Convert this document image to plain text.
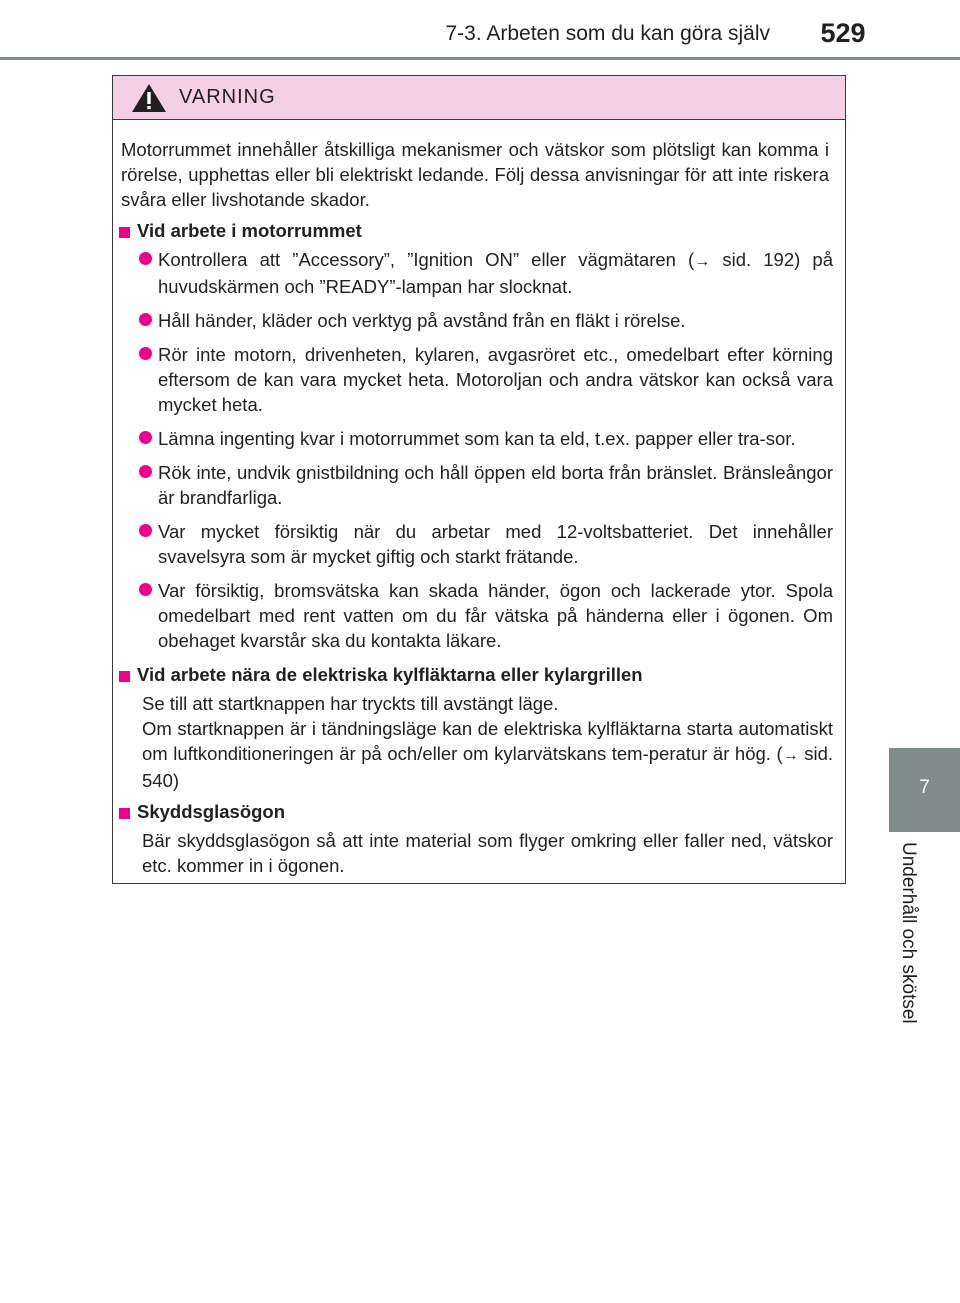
7-3. Arbeten som du kan göra själv	529
7
Underhåll och skötsel
VARNING

Motorrummet innehåller åtskilliga mekanismer och vätskor som plötsligt kan komma i rörelse, upphettas eller bli elektriskt ledande. Följ dessa anvisningar för att inte riskera svåra eller livshotande skador.

Vid arbete i motorrummet
Kontrollera att ”Accessory”, ”Ignition ON” eller vägmätaren (→ sid. 192) på huvudskärmen och ”READY”-lampan har slocknat.
Håll händer, kläder och verktyg på avstånd från en fläkt i rörelse.
Rör inte motorn, drivenheten, kylaren, avgasröret etc., omedelbart efter körning eftersom de kan vara mycket heta. Motoroljan och andra vätskor kan också vara mycket heta.
Lämna ingenting kvar i motorrummet som kan ta eld, t.ex. papper eller tra-sor.
Rök inte, undvik gnistbildning och håll öppen eld borta från bränslet. Bränsleångor är brandfarliga.
Var mycket försiktig när du arbetar med 12-voltsbatteriet. Det innehåller svavelsyra som är mycket giftig och starkt frätande.
Var försiktig, bromsvätska kan skada händer, ögon och lackerade ytor. Spola omedelbart med rent vatten om du får vätska på händerna eller i ögonen. Om obehaget kvarstår ska du kontakta läkare.
Vid arbete nära de elektriska kylfläktarna eller kylargrillen

Se till att startknappen har tryckts till avstängt läge.

Om startknappen är i tändningsläge kan de elektriska kylfläktarna starta automatiskt om luftkonditioneringen är på och/eller om kylarvätskans tem-peratur är hög. (→ sid. 540)

Skyddsglasögon

Bär skyddsglasögon så att inte material som flyger omkring eller faller ned, vätskor etc. kommer in i ögonen.
